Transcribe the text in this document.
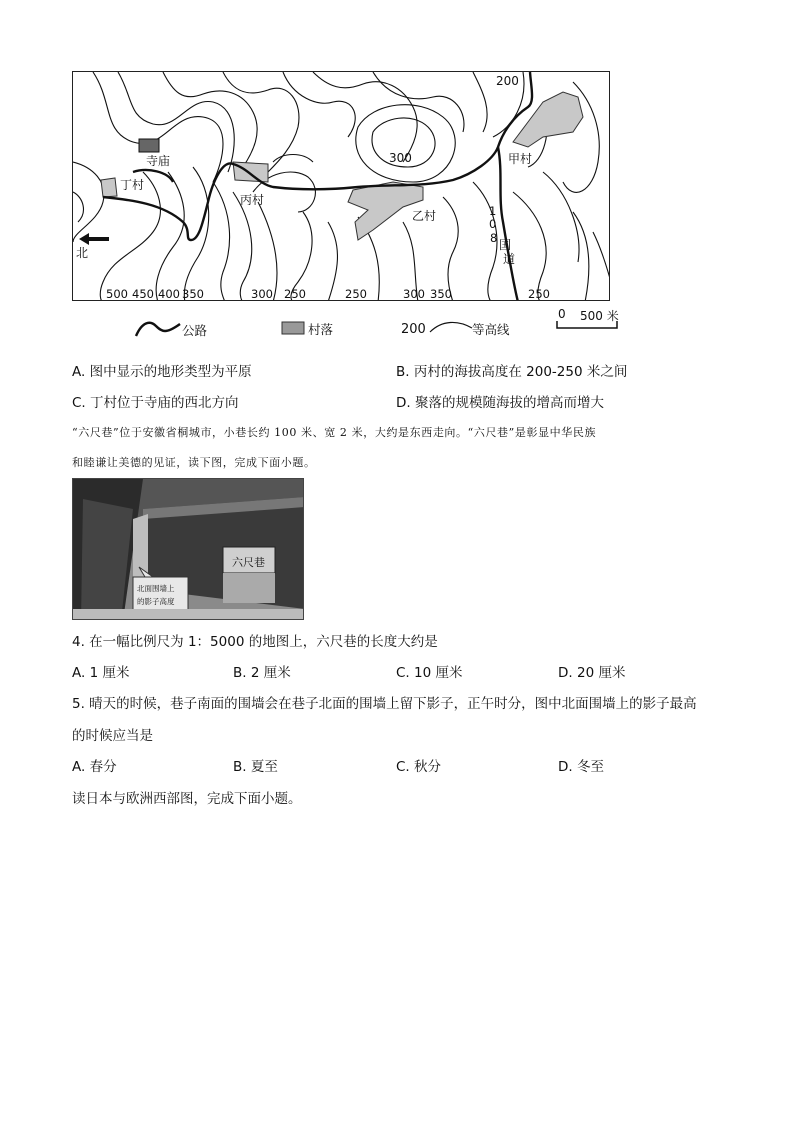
200
300
寺庙
丁村
丙村
乙村
甲村
1
0
8 国
道
北
500 450 400 350	300 250	250	300 350	250
公路	村落	200	等高线
0 500 米
A. 图中显示的地形类型为平原	B. 丙村的海拔高度在 200-250 米之间
C. 丁村位于寺庙的西北方向	D. 聚落的规模随海拔的增高而增大
“六尺巷”位于安徽省桐城市，小巷长约 100 米、宽 2 米，大约是东西走向。“六尺巷”是彰显中华民族
和睦谦让美德的见证，读下图，完成下面小题。
六尺巷
北面围墙上
的影子高度
4. 在一幅比例尺为 1：5000 的地图上，六尺巷的长度大约是
A. 1 厘米	B. 2 厘米	C. 10 厘米	D. 20 厘米
5. 晴天的时候，巷子南面的围墙会在巷子北面的围墙上留下影子，正午时分，图中北面围墙上的影子最高
的时候应当是
A. 春分	B. 夏至	C. 秋分	D. 冬至
读日本与欧洲西部图，完成下面小题。
